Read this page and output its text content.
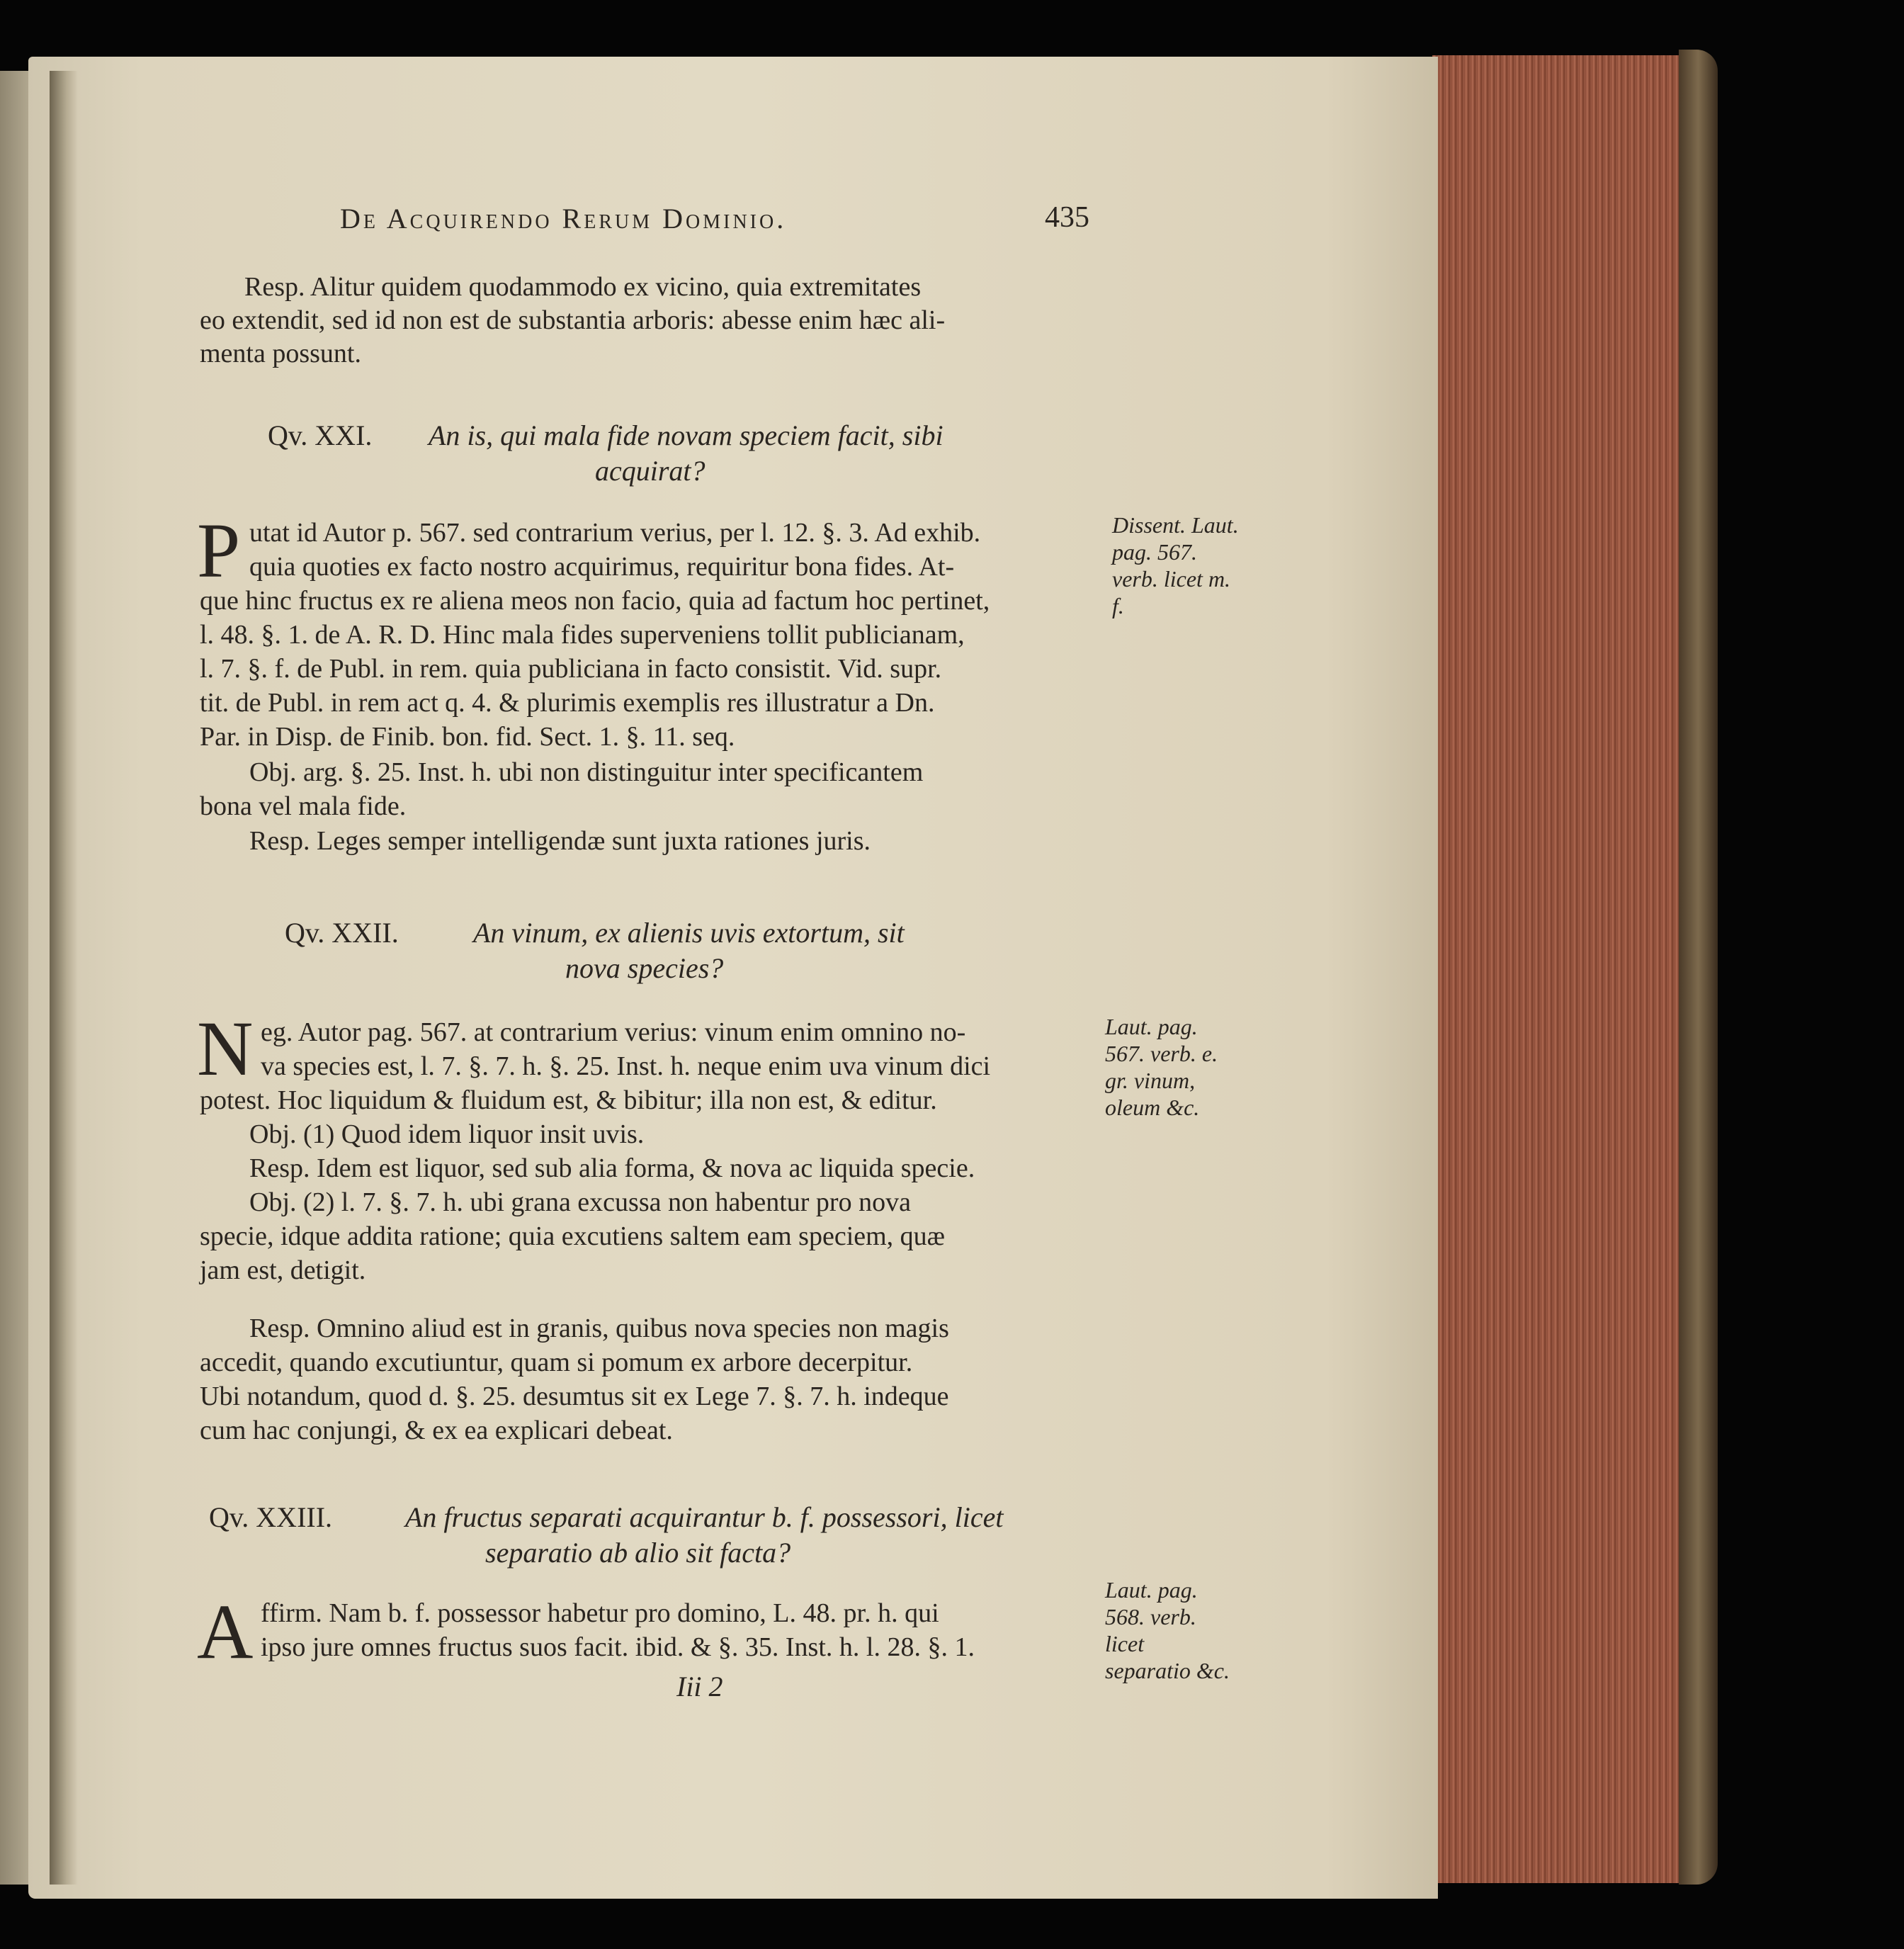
De Acquirendo Rerum Dominio.	435
Resp. Alitur quidem quodammodo ex vicino, quia extremitates
eo extendit, sed id non est de substantia arboris: abesse enim hæc ali-
menta possunt.
Qv. XXI. An is, qui mala fide novam speciem facit, sibi
acquirat?
P utat id Autor p. 567. sed contrarium verius, per l. 12. §. 3. Ad exhib.
quia quoties ex facto nostro acquirimus, requiritur bona fides. At-
que hinc fructus ex re aliena meos non facio, quia ad factum hoc pertinet,
l. 48. §. 1. de A. R. D. Hinc mala fides superveniens tollit publicianam,
l. 7. §. f. de Publ. in rem. quia publiciana in facto consistit. Vid. supr.
tit. de Publ. in rem act q. 4. & plurimis exemplis res illustratur a Dn.
Par. in Disp. de Finib. bon. fid. Sect. 1. §. 11. seq.
Obj. arg. §. 25. Inst. h. ubi non distinguitur inter specificantem
bona vel mala fide.
Resp. Leges semper intelligendæ sunt juxta rationes juris.
Dissent. Laut. pag. 567. verb. licet m. f.
Qv. XXII.	An vinum, ex alienis uvis extortum, sit
nova species?
N eg. Autor pag. 567. at contrarium verius: vinum enim omnino no-
va species est, l. 7. §. 7. h. §. 25. Inst. h. neque enim uva vinum dici
potest. Hoc liquidum & fluidum est, & bibitur; illa non est, & editur.
Obj. (1) Quod idem liquor insit uvis.
Resp. Idem est liquor, sed sub alia forma, & nova ac liquida specie.
Obj. (2) l. 7. §. 7. h. ubi grana excussa non habentur pro nova
specie, idque addita ratione; quia excutiens saltem eam speciem, quæ
jam est, detigit.
Resp. Omnino aliud est in granis, quibus nova species non magis
accedit, quando excutiuntur, quam si pomum ex arbore decerpitur.
Ubi notandum, quod d. §. 25. desumtus sit ex Lege 7. §. 7. h. indeque
cum hac conjungi, & ex ea explicari debeat.
Laut. pag. 567. verb. e. gr. vinum, oleum &c.
Qv. XXIII.	An fructus separati acquirantur b. f. possessori, licet
separatio ab alio sit facta?
A ffirm. Nam b. f. possessor habetur pro domino, L. 48. pr. h. qui
ipso jure omnes fructus suos facit. ibid. & §. 35. Inst. h. l. 28. §. 1.
Laut. pag. 568. verb. licet separatio &c.
Iii 2
